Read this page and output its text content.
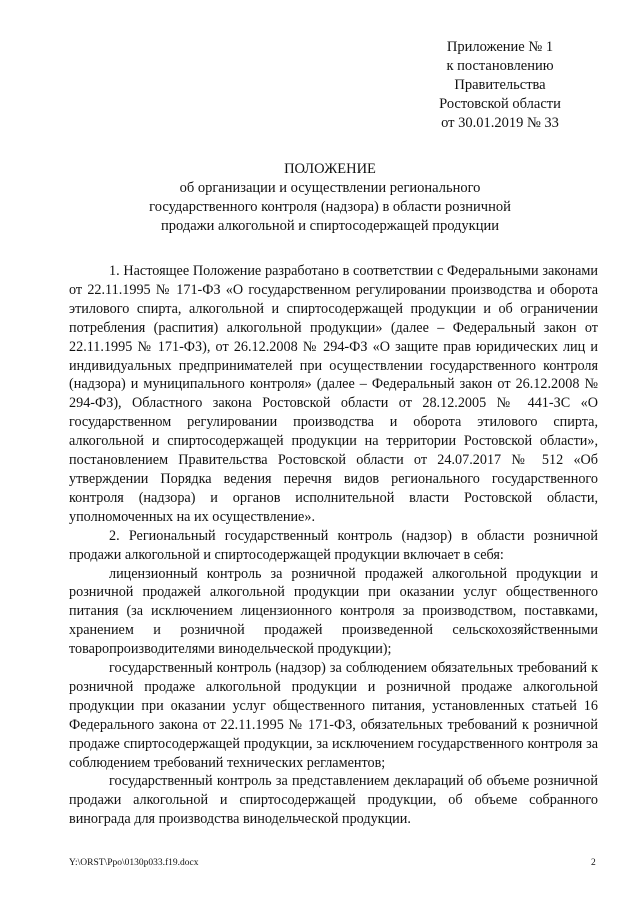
Приложение № 1
к постановлению
Правительства
Ростовской области
от 30.01.2019 № 33
ПОЛОЖЕНИЕ
об организации и осуществлении регионального
государственного контроля (надзора) в области розничной
продажи алкогольной и спиртосодержащей продукции

1. Настоящее Положение разработано в соответствии с Федеральными законами от 22.11.1995 № 171-ФЗ «О государственном регулировании производства и оборота этилового спирта, алкогольной и спиртосодержащей продукции и об ограничении потребления (распития) алкогольной продукции» (далее – Федеральный закон от 22.11.1995 № 171-ФЗ), от 26.12.2008 № 294-ФЗ «О защите прав юридических лиц и индивидуальных предпринимателей при осуществлении государственного контроля (надзора) и муниципального контроля» (далее – Федеральный закон от 26.12.2008 № 294-ФЗ), Областного закона Ростовской области от 28.12.2005 № 441-ЗС «О государственном регулировании производства и оборота этилового спирта, алкогольной и спиртосодержащей продукции на территории Ростовской области», постановлением Правительства Ростовской области от 24.07.2017 № 512 «Об утверждении Порядка ведения перечня видов регионального государственного контроля (надзора) и органов исполнительной власти Ростовской области, уполномоченных на их осуществление».

2. Региональный государственный контроль (надзор) в области розничной продажи алкогольной и спиртосодержащей продукции включает в себя:

лицензионный контроль за розничной продажей алкогольной продукции и розничной продажей алкогольной продукции при оказании услуг общественного питания (за исключением лицензионного контроля за производством, поставками, хранением и розничной продажей произведенной сельскохозяйственными товаропроизводителями винодельческой продукции);

государственный контроль (надзор) за соблюдением обязательных требований к розничной продаже алкогольной продукции и розничной продаже алкогольной продукции при оказании услуг общественного питания, установленных статьей 16 Федерального закона от 22.11.1995 № 171-ФЗ, обязательных требований к розничной продаже спиртосодержащей продукции, за исключением государственного контроля за соблюдением требований технических регламентов;

государственный контроль за представлением деклараций об объеме розничной продажи алкогольной и спиртосодержащей продукции, об объеме собранного винограда для производства винодельческой продукции.

Y:\ORST\Ppo\0130p033.f19.docx	2
